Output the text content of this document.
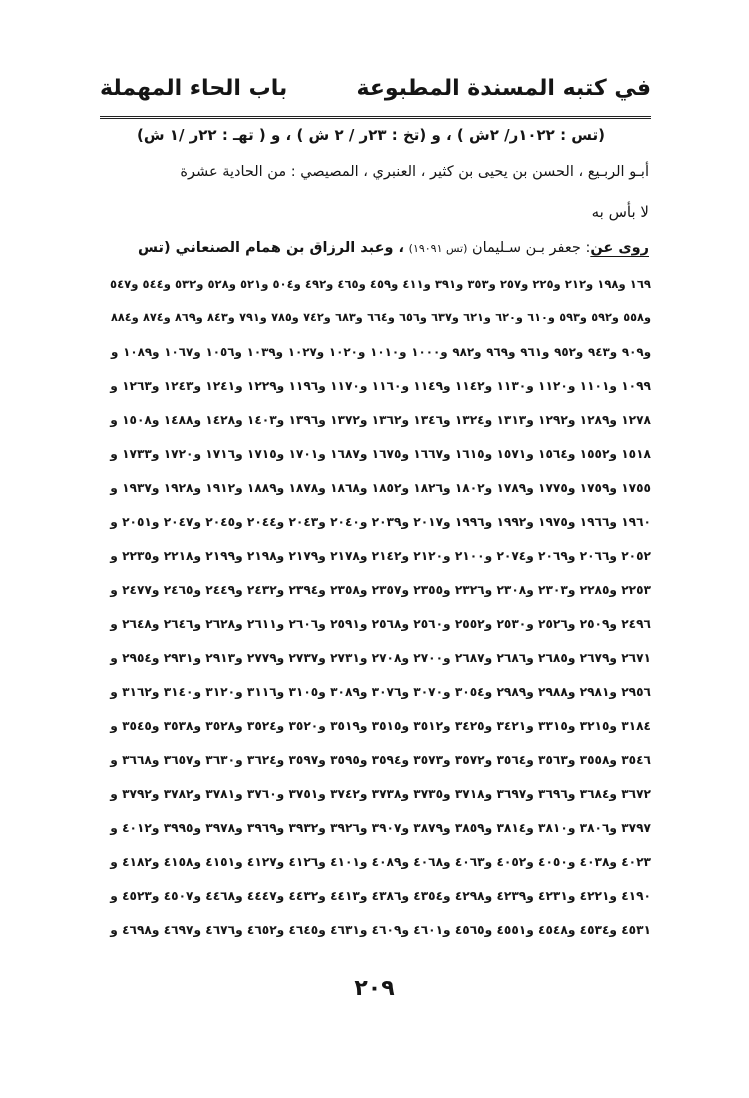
في كتبه المسندة المطبوعة
باب الحاء المهملة
(تس : ١٠٢٢ر/ ٢ش ) ، و (تخ : ٢٣ر / ٢ ش ) ، و ( تهـ : ٢٢ر /١ ش)
أبـو الربـيع ، الحسن بن يحيى بن كثير ، العنبري ، المصيصي : من الحادية عشرة
لا بأس به
روى عن: جعفر بـن سـليمان (تس ١٩٠٩١) ، وعبد الرزاق بن همام الصنعاني (تس
١٦٩ و١٩٨ و٢١٢ و٢٢٥ و٢٥٧ و٣٥٣ و٣٩١ و٤١١ و٤٥٩ و٤٦٥ و٤٩٢ و٥٠٤ و٥٢١ و٥٢٨ و٥٣٢ و٥٤٤ و٥٤٧
و٥٥٨ و٥٩٢ و٥٩٣ و٦١٠ و٦٢٠ و٦٢١ و٦٣٧ و٦٥٦ و٦٦٤ و٦٨٣ و٧٤٢ و٧٨٥ و٧٩١ و٨٤٣ و٨٦٩ و٨٧٤ و٨٨٤
و٩٠٩ و٩٤٣ و٩٥٢ و٩٦١ و٩٦٩ و٩٨٢ و١٠٠٠ و١٠١٠ و١٠٢٠ و١٠٢٧ و١٠٣٩ و١٠٥٦ و١٠٦٧ و١٠٨٩ و
١٠٩٩ و١١٠١ و١١٢٠ و١١٣٠ و١١٤٢ و١١٤٩ و١١٦٠ و١١٧٠ و١١٩٦ و١٢٢٩ و١٢٤١ و١٢٤٣ و١٢٦٣ و
١٢٧٨ و١٢٨٩ و١٢٩٢ و١٣١٣ و١٣٢٤ و١٣٤٦ و١٣٦٢ و١٣٧٢ و١٣٩٦ و١٤٠٣ و١٤٢٨ و١٤٨٨ و١٥٠٨ و
١٥١٨ و١٥٥٢ و١٥٦٤ و١٥٧١ و١٦١٥ و١٦٦٧ و١٦٧٥ و١٦٨٧ و١٧٠١ و١٧١٥ و١٧١٦ و١٧٢٠ و١٧٣٣ و
١٧٥٥ و١٧٥٩ و١٧٧٥ و١٧٨٩ و١٨٠٢ و١٨٢٦ و١٨٥٢ و١٨٦٨ و١٨٧٨ و١٨٨٩ و١٩١٢ و١٩٢٨ و١٩٣٧ و
١٩٦٠ و١٩٦٦ و١٩٧٥ و١٩٩٢ و١٩٩٦ و٢٠١٧ و٢٠٣٩ و٢٠٤٠ و٢٠٤٣ و٢٠٤٤ و٢٠٤٥ و٢٠٤٧ و٢٠٥١ و
٢٠٥٢ و٢٠٦٦ و٢٠٦٩ و٢٠٧٤ و٢١٠٠ و٢١٢٠ و٢١٤٢ و٢١٧٨ و٢١٧٩ و٢١٩٨ و٢١٩٩ و٢٢١٨ و٢٢٣٥ و
٢٢٥٣ و٢٢٨٥ و٢٣٠٣ و٢٣٠٨ و٢٣٢٦ و٢٣٥٥ و٢٣٥٧ و٢٣٥٨ و٢٣٩٤ و٢٤٣٢ و٢٤٤٩ و٢٤٦٥ و٢٤٧٧ و
٢٤٩٦ و٢٥٠٩ و٢٥٢٦ و٢٥٣٠ و٢٥٥٢ و٢٥٦٠ و٢٥٦٨ و٢٥٩١ و٢٦٠٦ و٢٦١١ و٢٦٢٨ و٢٦٤٦ و٢٦٤٨ و
٢٦٧١ و٢٦٧٩ و٢٦٨٥ و٢٦٨٦ و٢٦٨٧ و٢٧٠٠ و٢٧٠٨ و٢٧٣١ و٢٧٣٧ و٢٧٧٩ و٢٩١٣ و٢٩٣١ و٢٩٥٤ و
٢٩٥٦ و٢٩٨١ و٢٩٨٨ و٢٩٨٩ و٣٠٥٤ و٣٠٧٠ و٣٠٧٦ و٣٠٨٩ و٣١٠٥ و٣١١٦ و٣١٢٠ و٣١٤٠ و٣١٦٢ و
٣١٨٤ و٣٢١٥ و٣٣١٥ و٣٤٢١ و٣٤٢٥ و٣٥١٢ و٣٥١٥ و٣٥١٩ و٣٥٢٠ و٣٥٢٤ و٣٥٢٨ و٣٥٣٨ و٣٥٤٥ و
٣٥٤٦ و٣٥٥٨ و٣٥٦٣ و٣٥٦٤ و٣٥٧٢ و٣٥٧٣ و٣٥٩٤ و٣٥٩٥ و٣٥٩٧ و٣٦٢٤ و٣٦٣٠ و٣٦٥٧ و٣٦٦٨ و
٣٦٧٢ و٣٦٨٤ و٣٦٩٦ و٣٦٩٧ و٣٧١٨ و٣٧٣٥ و٣٧٣٨ و٣٧٤٢ و٣٧٥١ و٣٧٦٠ و٣٧٨١ و٣٧٨٢ و٣٧٩٢ و
٣٧٩٧ و٣٨٠٦ و٣٨١٠ و٣٨١٤ و٣٨٥٩ و٣٨٧٩ و٣٩٠٧ و٣٩٢٦ و٣٩٣٢ و٣٩٦٩ و٣٩٧٨ و٣٩٩٥ و٤٠١٢ و
٤٠٢٣ و٤٠٣٨ و٤٠٥٠ و٤٠٥٢ و٤٠٦٣ و٤٠٦٨ و٤٠٨٩ و٤١٠١ و٤١٢٦ و٤١٢٧ و٤١٥١ و٤١٥٨ و٤١٨٢ و
٤١٩٠ و٤٢٢١ و٤٢٣١ و٤٢٣٩ و٤٢٩٨ و٤٣٥٤ و٤٣٨٦ و٤٤١٣ و٤٤٣٢ و٤٤٤٧ و٤٤٦٨ و٤٥٠٧ و٤٥٢٣ و
٤٥٣١ و٤٥٣٤ و٤٥٤٨ و٤٥٥١ و٤٥٦٥ و٤٦٠١ و٤٦٠٩ و٤٦٣١ و٤٦٤٥ و٤٦٥٢ و٤٦٧٦ و٤٦٩٧ و٤٦٩٨ و
٢٠٩
